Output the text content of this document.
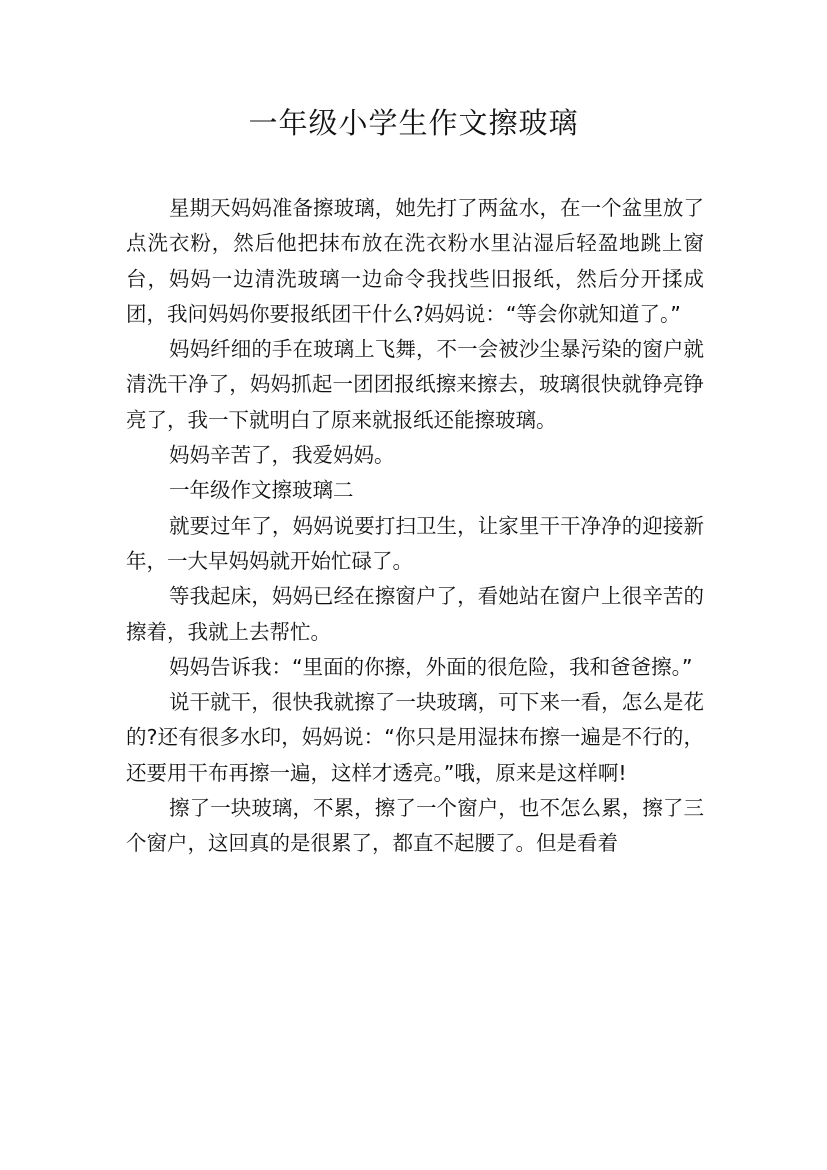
一年级小学生作文擦玻璃

星期天妈妈准备擦玻璃，她先打了两盆水，在一个盆里放了点洗衣粉，然后他把抹布放在洗衣粉水里沾湿后轻盈地跳上窗台，妈妈一边清洗玻璃一边命令我找些旧报纸，然后分开揉成团，我问妈妈你要报纸团干什么?妈妈说：“等会你就知道了。”

妈妈纤细的手在玻璃上飞舞，不一会被沙尘暴污染的窗户就清洗干净了，妈妈抓起一团团报纸擦来擦去，玻璃很快就铮亮铮亮了，我一下就明白了原来就报纸还能擦玻璃。

妈妈辛苦了，我爱妈妈。

一年级作文擦玻璃二

就要过年了，妈妈说要打扫卫生，让家里干干净净的迎接新年，一大早妈妈就开始忙碌了。

等我起床，妈妈已经在擦窗户了，看她站在窗户上很辛苦的擦着，我就上去帮忙。

妈妈告诉我：“里面的你擦，外面的很危险，我和爸爸擦。”

说干就干，很快我就擦了一块玻璃，可下来一看，怎么是花的?还有很多水印，妈妈说：“你只是用湿抹布擦一遍是不行的，还要用干布再擦一遍，这样才透亮。”哦，原来是这样啊!

擦了一块玻璃，不累，擦了一个窗户，也不怎么累，擦了三个窗户，这回真的是很累了，都直不起腰了。但是看着
